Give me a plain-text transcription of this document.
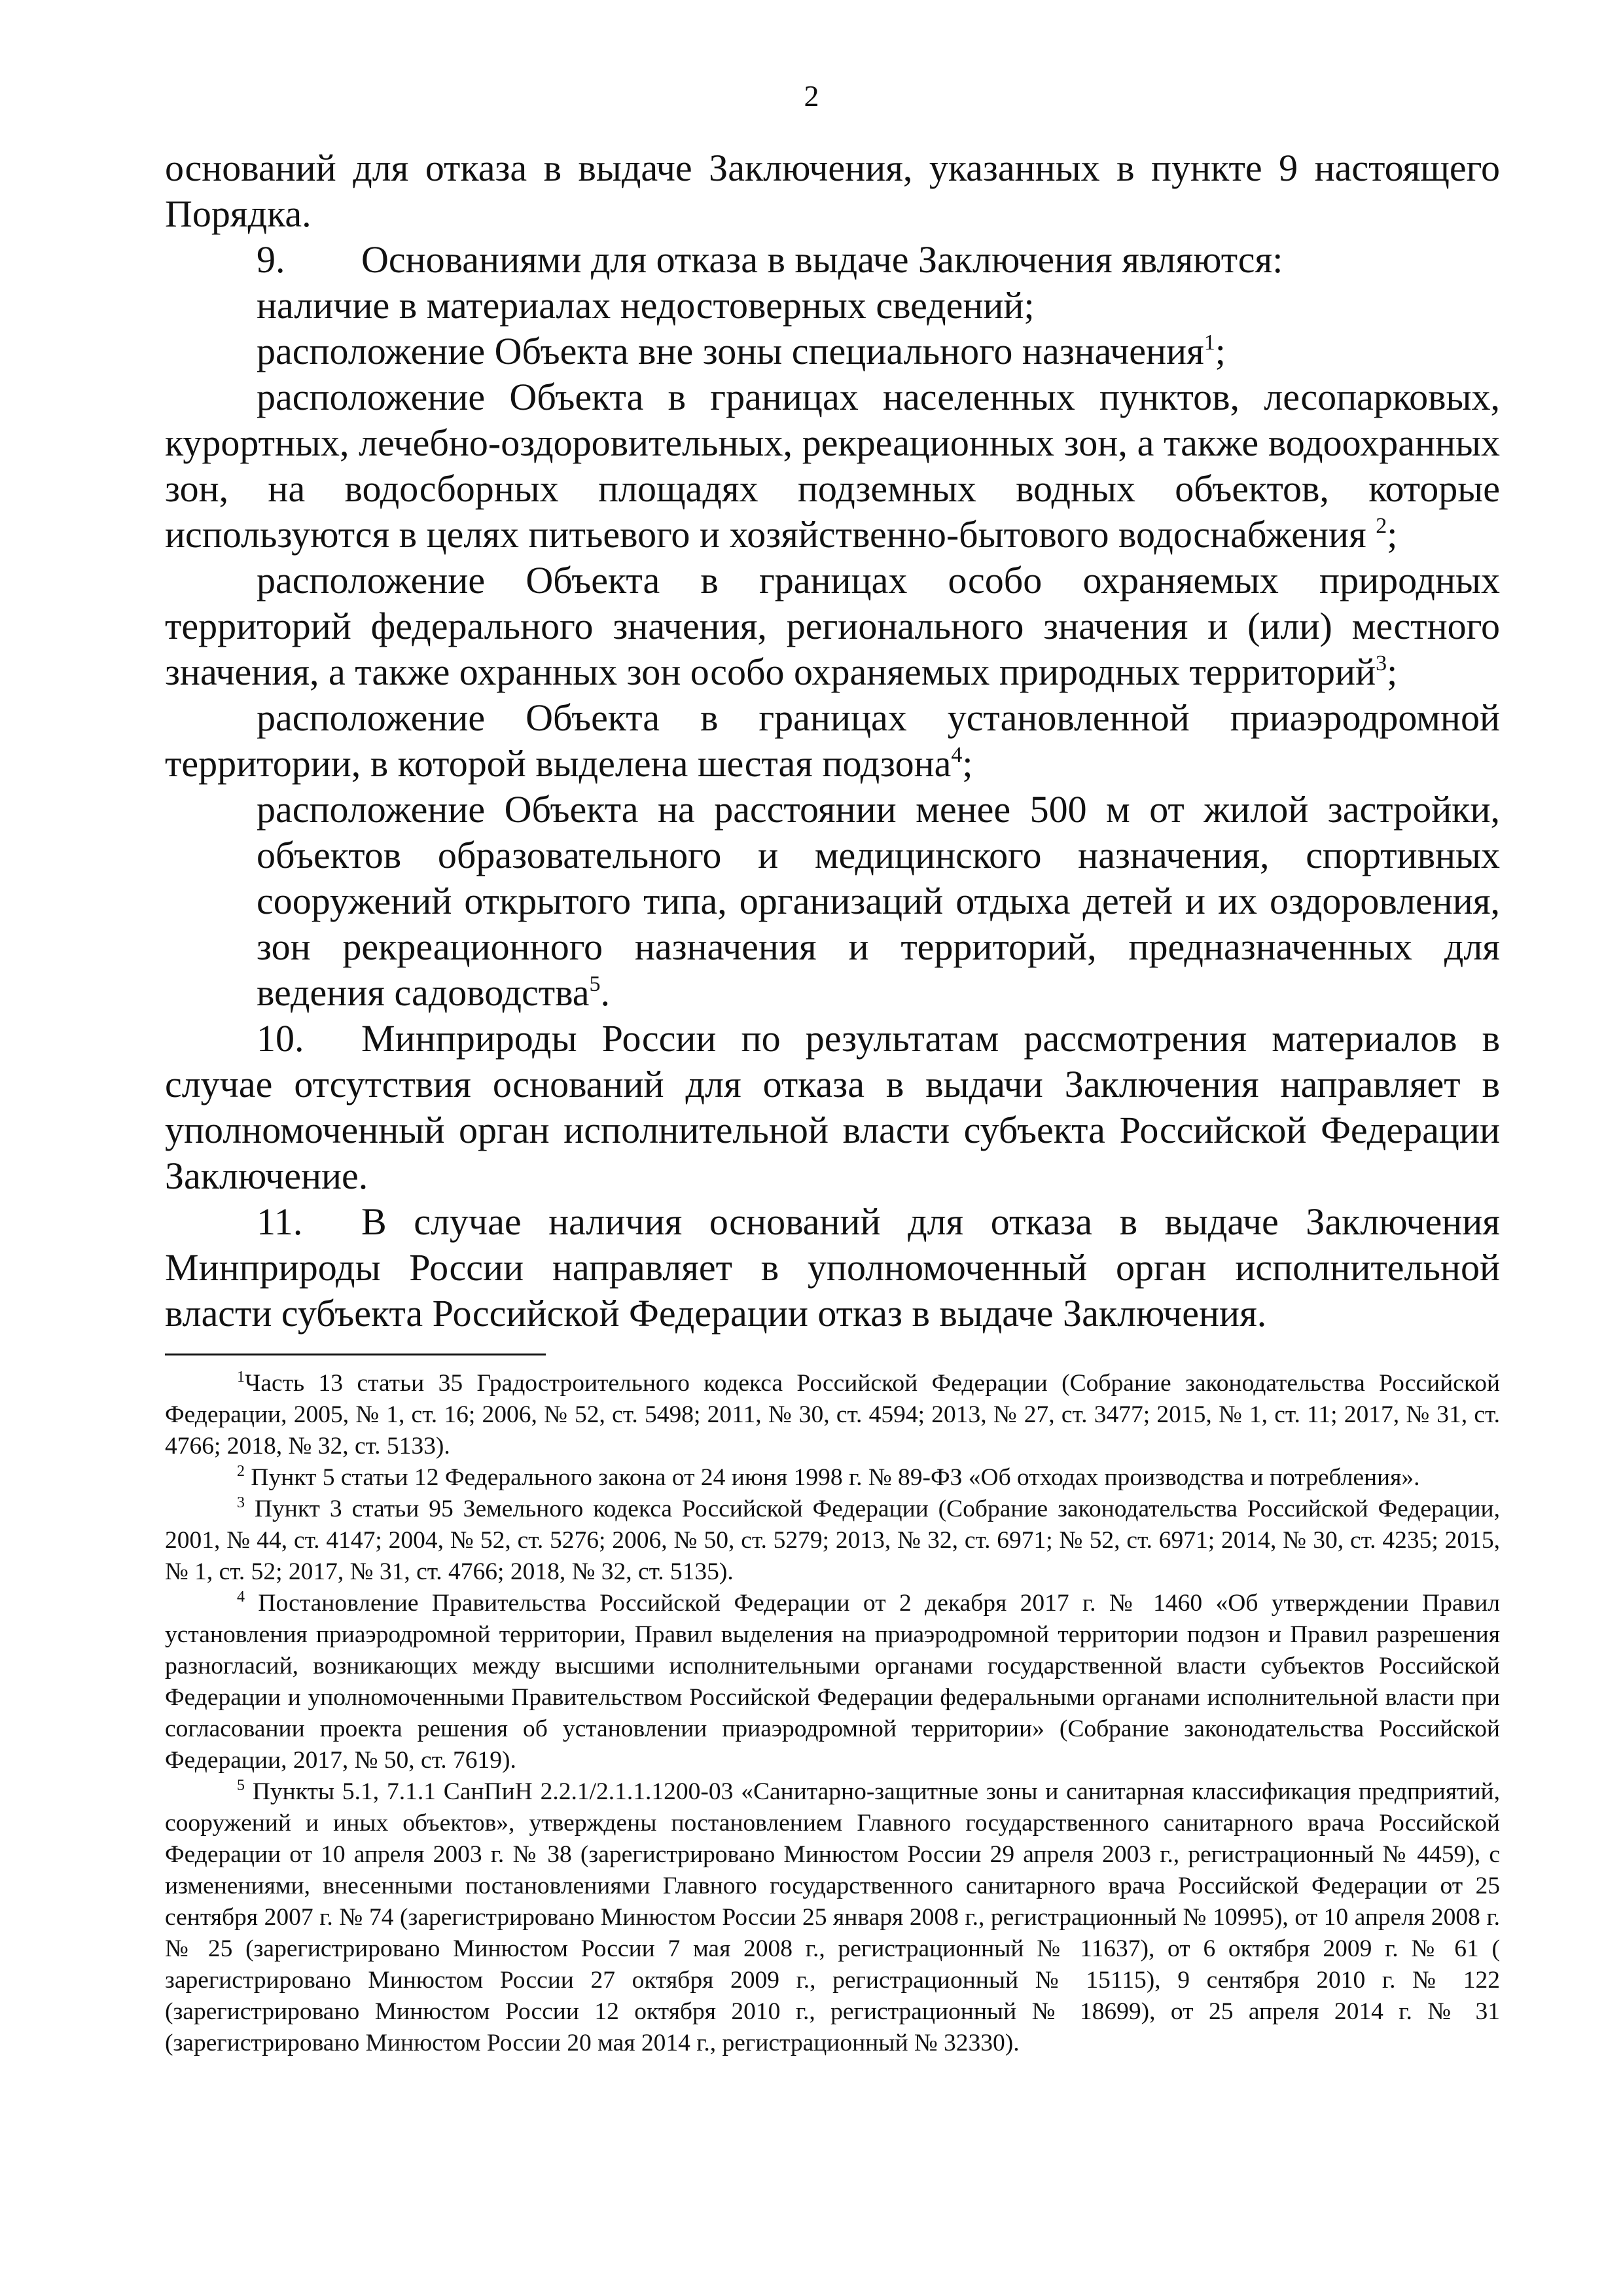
2

оснований для отказа в выдаче Заключения, указанных в пункте 9 настоящего Порядка.

9. Основаниями для отказа в выдаче Заключения являются:

наличие в материалах недостоверных сведений;

расположение Объекта вне зоны специального назначения$^1$;

расположение Объекта в границах населенных пунктов, лесопарковых, курортных, лечебно-оздоровительных, рекреационных зон, а также водоохранных зон, на водосборных площадях подземных водных объектов, которые используются в целях питьевого и хозяйственно-бытового водоснабжения $^2$;

расположение Объекта в границах особо охраняемых природных территорий федерального значения, регионального значения и (или) местного значения, а также охранных зон особо охраняемых природных территорий$^3$;

расположение Объекта в границах установленной приаэродромной территории, в которой выделена шестая подзона$^4$;

расположение Объекта на расстоянии менее 500 м от жилой застройки, объектов образовательного и медицинского назначения, спортивных сооружений открытого типа, организаций отдыха детей и их оздоровления, зон рекреационного назначения и территорий, предназначенных для ведения садоводства$^5$.

10. Минприроды России по результатам рассмотрения материалов в случае отсутствия оснований для отказа в выдачи Заключения направляет в уполномоченный орган исполнительной власти субъекта Российской Федерации Заключение.

11. В случае наличия оснований для отказа в выдаче Заключения Минприроды России направляет в уполномоченный орган исполнительной власти субъекта Российской Федерации отказ в выдаче Заключения.

$^1$Часть 13 статьи 35 Градостроительного кодекса Российской Федерации (Собрание законодательства Российской Федерации, 2005, № 1, ст. 16; 2006, № 52, ст. 5498; 2011, № 30, ст. 4594; 2013, № 27, ст. 3477; 2015, № 1, ст. 11; 2017, № 31, ст. 4766; 2018, № 32, ст. 5133).

$^2$ Пункт 5 статьи 12 Федерального закона от 24 июня 1998 г. № 89-ФЗ «Об отходах производства и потребления».

$^3$ Пункт 3 статьи 95 Земельного кодекса Российской Федерации (Собрание законодательства Российской Федерации, 2001, № 44, ст. 4147; 2004, № 52, ст. 5276; 2006, № 50, ст. 5279; 2013, № 32, ст. 6971; № 52, ст. 6971; 2014, № 30, ст. 4235; 2015, № 1, ст. 52; 2017, № 31, ст. 4766; 2018, № 32, ст. 5135).

$^4$ Постановление Правительства Российской Федерации от 2 декабря 2017 г. № 1460 «Об утверждении Правил установления приаэродромной территории, Правил выделения на приаэродромной территории подзон и Правил разрешения разногласий, возникающих между высшими исполнительными органами государственной власти субъектов Российской Федерации и уполномоченными Правительством Российской Федерации федеральными органами исполнительной власти при согласовании проекта решения об установлении приаэродромной территории» (Собрание законодательства Российской Федерации, 2017, № 50, ст. 7619).

$^5$ Пункты 5.1, 7.1.1 СанПиН 2.2.1/2.1.1.1200-03 «Санитарно-защитные зоны и санитарная классификация предприятий, сооружений и иных объектов», утверждены постановлением Главного государственного санитарного врача Российской Федерации от 10 апреля 2003 г. № 38 (зарегистрировано Минюстом России 29 апреля 2003 г., регистрационный № 4459), с изменениями, внесенными постановлениями Главного государственного санитарного врача Российской Федерации от 25 сентября 2007 г. № 74 (зарегистрировано Минюстом России 25 января 2008 г., регистрационный № 10995), от 10 апреля 2008 г. № 25 (зарегистрировано Минюстом России 7 мая 2008 г., регистрационный № 11637), от 6 октября 2009 г. № 61 ( зарегистрировано Минюстом России 27 октября 2009 г., регистрационный № 15115), 9 сентября 2010 г. № 122 (зарегистрировано Минюстом России 12 октября 2010 г., регистрационный № 18699), от 25 апреля 2014 г. № 31 (зарегистрировано Минюстом России 20 мая 2014 г., регистрационный № 32330).
